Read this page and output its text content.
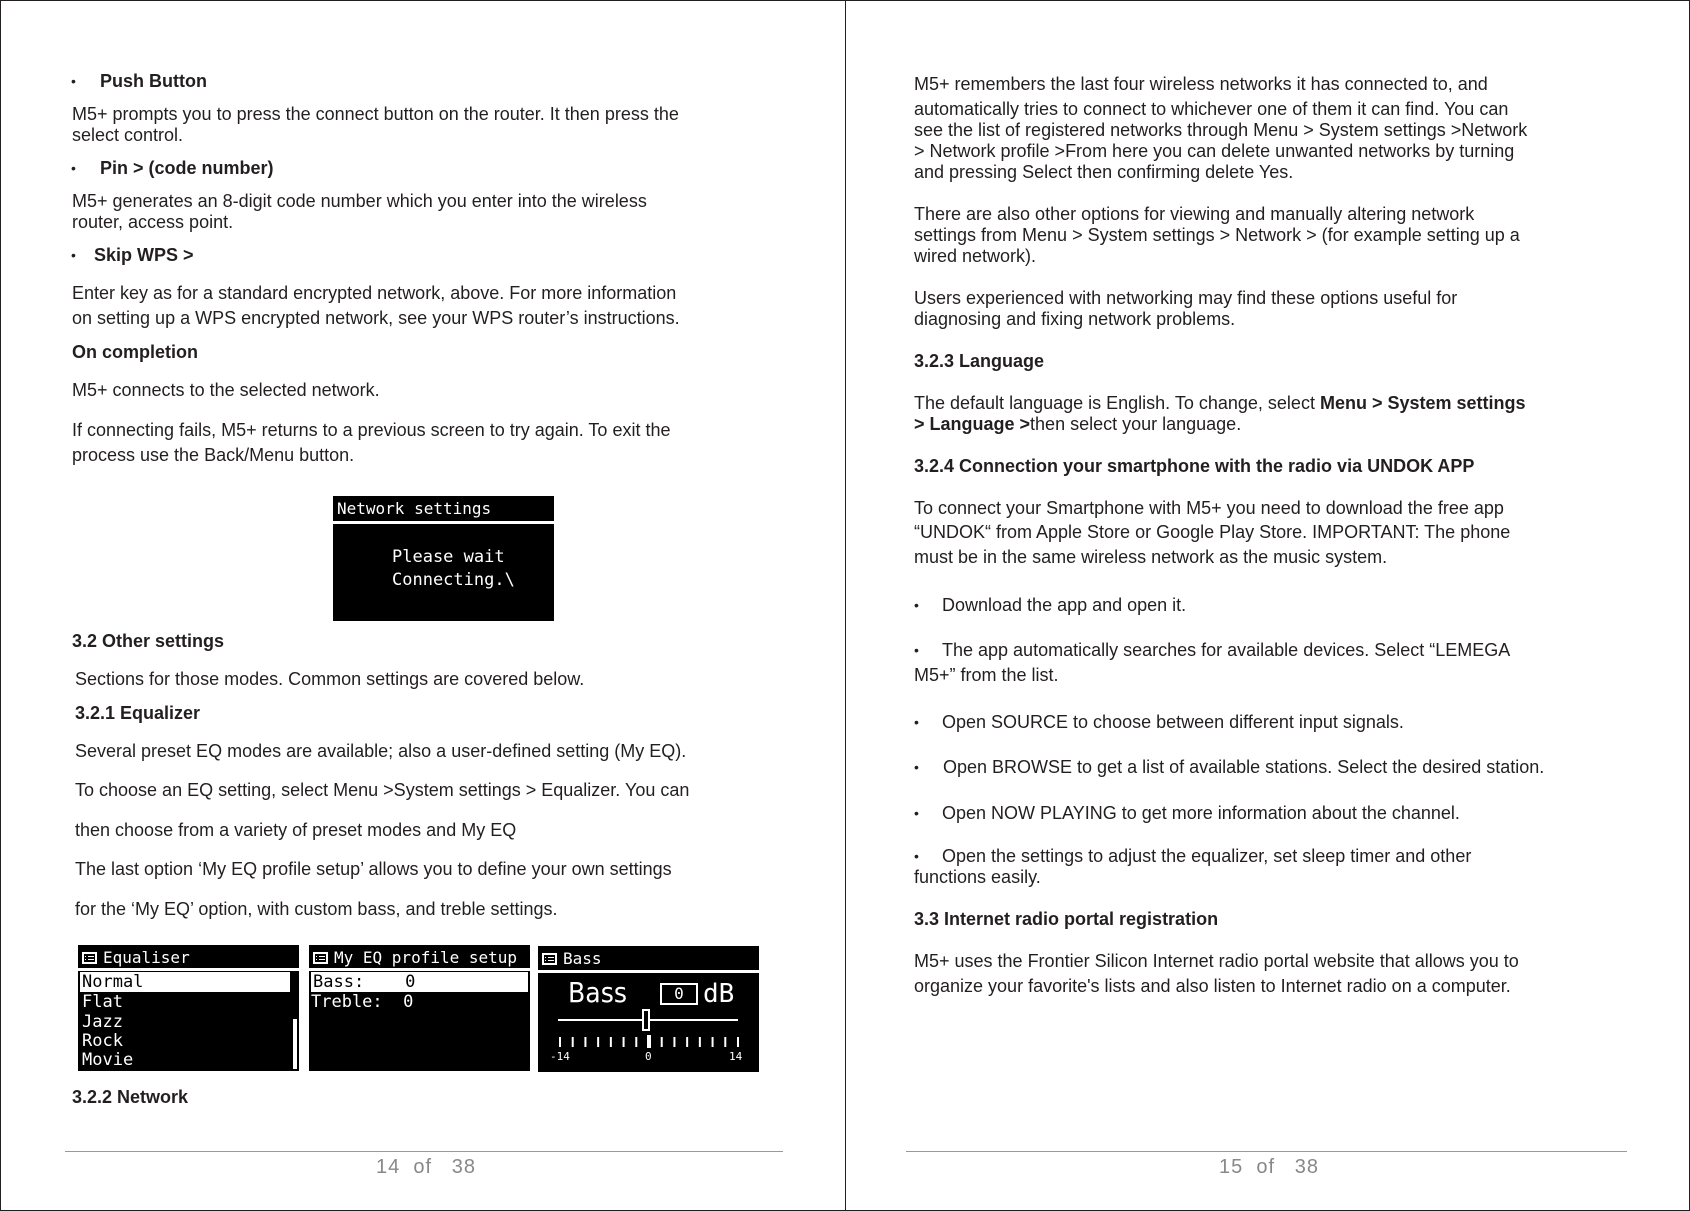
• Push Button
M5+ prompts you to press the connect button on the router. It then press the
select control.
• Pin > (code number)
M5+ generates an 8-digit code number which you enter into the wireless
router, access point.
• Skip WPS >
Enter key as for a standard encrypted network, above. For more information
on setting up a WPS encrypted network, see your WPS router’s instructions.
On completion
M5+ connects to the selected network.
If connecting fails, M5+ returns to a previous screen to try again. To exit the
process use the Back/Menu button.
Network settings
Please wait
Connecting.\
3.2 Other settings
Sections for those modes. Common settings are covered below.
3.2.1 Equalizer
Several preset EQ modes are available; also a user-defined setting (My EQ).
To choose an EQ setting, select Menu >System settings > Equalizer. You can
then choose from a variety of preset modes and My EQ
The last option ‘My EQ profile setup’ allows you to define your own settings
for the ‘My EQ’ option, with custom bass, and treble settings.
Equaliser
Normal
Flat
Jazz
Rock
Movie
My EQ profile setup
Bass:    0
Treble:  0
Bass
Bass	0 dB
-14	0	14
3.2.2 Network
14  of   38
M5+ remembers the last four wireless networks it has connected to, and
automatically tries to connect to whichever one of them it can find. You can
see the list of registered networks through Menu > System settings >Network
> Network profile >From here you can delete unwanted networks by turning
and pressing Select then confirming delete Yes.
There are also other options for viewing and manually altering network
settings from Menu > System settings > Network > (for example setting up a
wired network).
Users experienced with networking may find these options useful for
diagnosing and fixing network problems.
3.2.3 Language
The default language is English. To change, select Menu > System settings
> Language >then select your language.
3.2.4 Connection your smartphone with the radio via UNDOK APP
To connect your Smartphone with M5+ you need to download the free app
“UNDOK“ from Apple Store or Google Play Store. IMPORTANT: The phone
must be in the same wireless network as the music system.
• Download the app and open it.
• The app automatically searches for available devices. Select “LEMEGA
M5+” from the list.
• Open SOURCE to choose between different input signals.
• Open BROWSE to get a list of available stations. Select the desired station.
• Open NOW PLAYING to get more information about the channel.
• Open the settings to adjust the equalizer, set sleep timer and other
functions easily.
3.3 Internet radio portal registration
M5+ uses the Frontier Silicon Internet radio portal website that allows you to
organize your favorite's lists and also listen to Internet radio on a computer.
15  of   38
